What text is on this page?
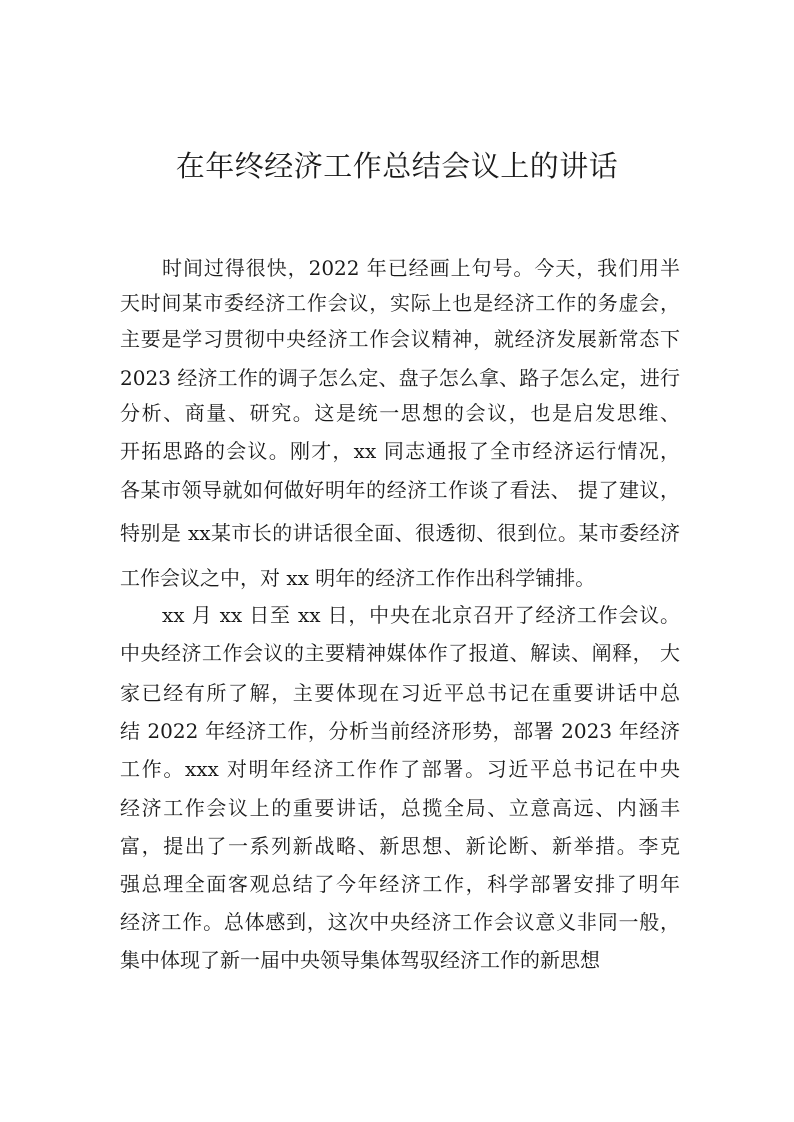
在年终经济工作总结会议上的讲话

时间过得很快，2022 年已经画上句号。今天，我们用半

天时间某市委经济工作会议，实际上也是经济工作的务虚会，

主要是学习贯彻中央经济工作会议精神，就经济发展新常态下

2023 经济工作的调子怎么定、盘子怎么拿、路子怎么定，进行

分析、商量、研究。这是统一思想的会议，也是启发思维、

开拓思路的会议。刚才，xx 同志通报了全市经济运行情况，

各某市领导就如何做好明年的经济工作谈了看法、 提了建议，

特别是 xx某市长的讲话很全面、很透彻、很到位。某市委经济

工作会议之中，对 xx 明年的经济工作作出科学铺排。

xx 月 xx 日至 xx 日，中央在北京召开了经济工作会议。

中央经济工作会议的主要精神媒体作了报道、解读、阐释， 大

家已经有所了解，主要体现在习近平总书记在重要讲话中总

结 2022 年经济工作，分析当前经济形势，部署 2023 年经济

工作。xxx 对明年经济工作作了部署。习近平总书记在中央

经济工作会议上的重要讲话，总揽全局、立意高远、内涵丰

富，提出了一系列新战略、新思想、新论断、新举措。李克

强总理全面客观总结了今年经济工作，科学部署安排了明年

经济工作。总体感到，这次中央经济工作会议意义非同一般，

集中体现了新一届中央领导集体驾驭经济工作的新思想
